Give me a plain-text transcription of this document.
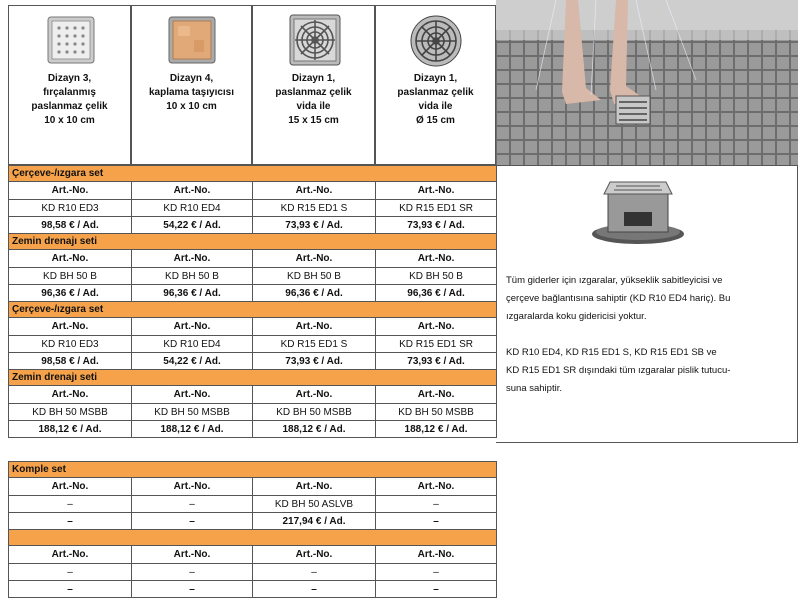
Dizayn 3,
fırçalanmış
paslanmaz çelik
10 x 10 cm
Dizayn 4,
kaplama taşıyıcısı
10 x 10 cm
Dizayn 1,
paslanmaz çelik
vida ile
15 x 15 cm
Dizayn 1,
paslanmaz çelik
vida ile
Ø 15 cm
Çerçeve-/ızgara set			
Art.-No.	Art.-No.	Art.-No.	Art.-No.
KD R10 ED3	KD R10 ED4	KD R15 ED1 S	KD R15 ED1 SR
98,58 € / Ad.	54,22 € / Ad.	73,93 € / Ad.	73,93 € / Ad.
Zemin drenajı seti			
Art.-No.	Art.-No.	Art.-No.	Art.-No.
KD BH 50 B	KD BH 50 B	KD BH 50 B	KD BH 50 B
96,36 € / Ad.	96,36 € / Ad.	96,36 € / Ad.	96,36 € / Ad.
Çerçeve-/ızgara set			
Art.-No.	Art.-No.	Art.-No.	Art.-No.
KD R10 ED3	KD R10 ED4	KD R15 ED1 S	KD R15 ED1 SR
98,58 € / Ad.	54,22 € / Ad.	73,93 € / Ad.	73,93 € / Ad.
Zemin drenajı seti			
Art.-No.	Art.-No.	Art.-No.	Art.-No.
KD BH 50 MSBB	KD BH 50 MSBB	KD BH 50 MSBB	KD BH 50 MSBB
188,12 € / Ad.	188,12 € / Ad.	188,12 € / Ad.	188,12 € / Ad.
Tüm giderler için ızgaralar, yükseklik sabitleyicisi ve
çerçeve bağlantısına sahiptir (KD R10 ED4 hariç). Bu
ızgaralarda koku gidericisi yoktur.
KD R10 ED4, KD R15 ED1 S, KD R15 ED1 SB ve
KD R15 ED1 SR dışındaki tüm ızgaralar pislik tutucu-
suna sahiptir.
Komple set			
Art.-No.	Art.-No.	Art.-No.	Art.-No.
–	–	KD BH 50 ASLVB	–
–	–	217,94 € / Ad.	–

Art.-No.	Art.-No.	Art.-No.	Art.-No.
–	–	–	–
–	–	–	–
